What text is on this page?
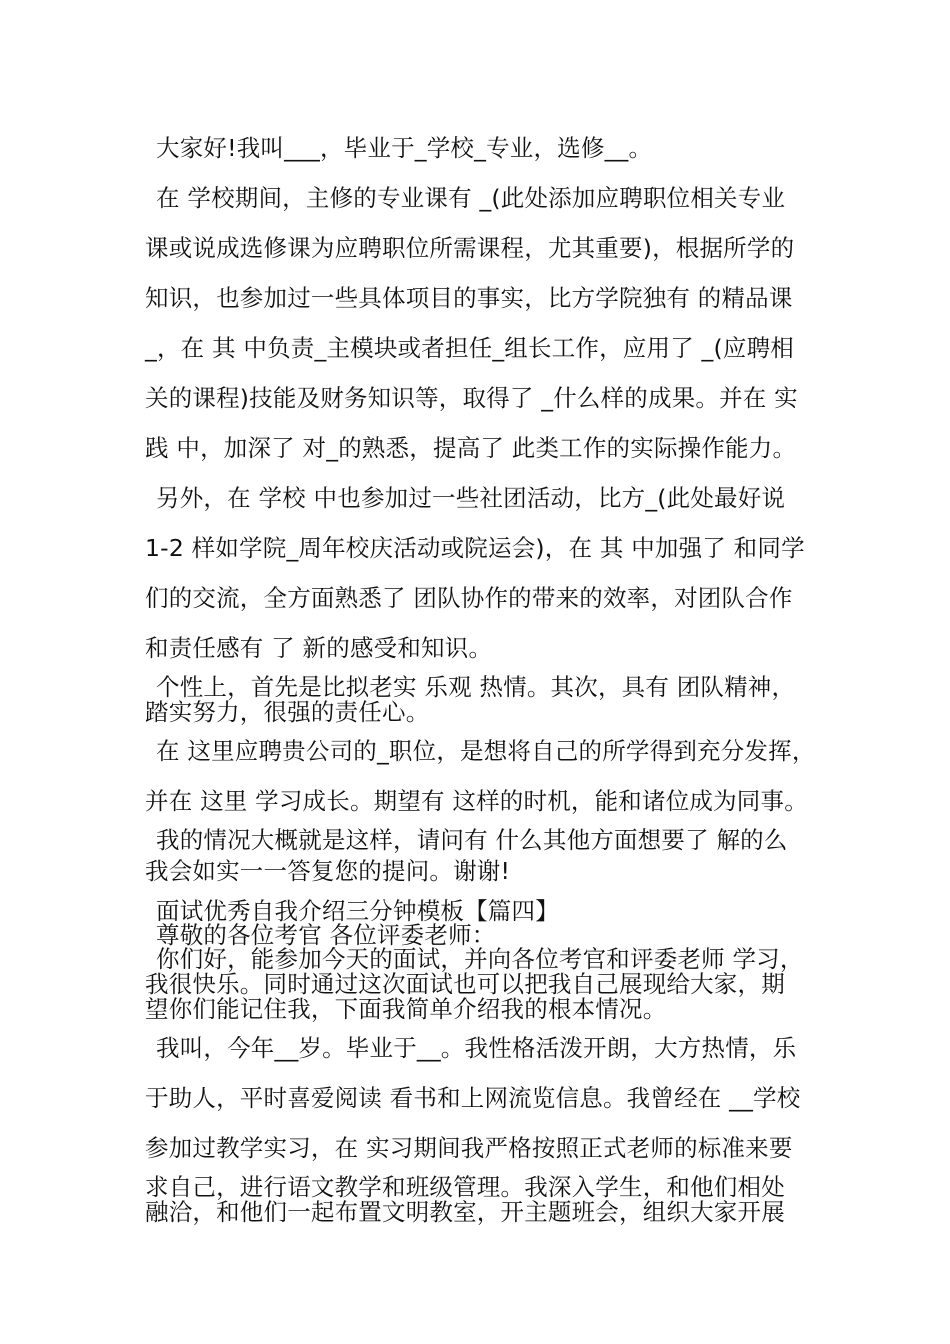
大家好!我叫___，毕业于_学校_专业，选修__。

在 学校期间，主修的专业课有 _(此处添加应聘职位相关专业

课或说成选修课为应聘职位所需课程，尤其重要)，根据所学的

知识，也参加过一些具体项目的事实，比方学院独有 的精品课

_，在 其 中负责_主模块或者担任_组长工作，应用了 _(应聘相

关的课程)技能及财务知识等，取得了 _什么样的成果。并在 实

践 中，加深了 对_的熟悉，提高了 此类工作的实际操作能力。

另外，在 学校 中也参加过一些社团活动，比方_(此处最好说

1-2 样如学院_周年校庆活动或院运会)，在 其 中加强了 和同学

们的交流，全方面熟悉了 团队协作的带来的效率，对团队合作

和责任感有 了 新的感受和知识。

个性上，首先是比拟老实 乐观 热情。其次，具有 团队精神，

踏实努力，很强的责任心。

在 这里应聘贵公司的_职位，是想将自己的所学得到充分发挥，

并在 这里 学习成长。期望有 这样的时机，能和诸位成为同事。

我的情况大概就是这样，请问有 什么其他方面想要了 解的么

我会如实一一答复您的提问。谢谢!

面试优秀自我介绍三分钟模板【篇四】

尊敬的各位考官 各位评委老师：

你们好，能参加今天的面试，并向各位考官和评委老师 学习，

我很快乐。同时通过这次面试也可以把我自己展现给大家，期

望你们能记住我，下面我简单介绍我的根本情况。

我叫，今年__岁。毕业于__。我性格活泼开朗，大方热情，乐

于助人，平时喜爱阅读 看书和上网流览信息。我曾经在 __学校

参加过教学实习，在 实习期间我严格按照正式老师的标准来要

求自己，进行语文教学和班级管理。我深入学生，和他们相处

融洽，和他们一起布置文明教室，开主题班会，组织大家开展
